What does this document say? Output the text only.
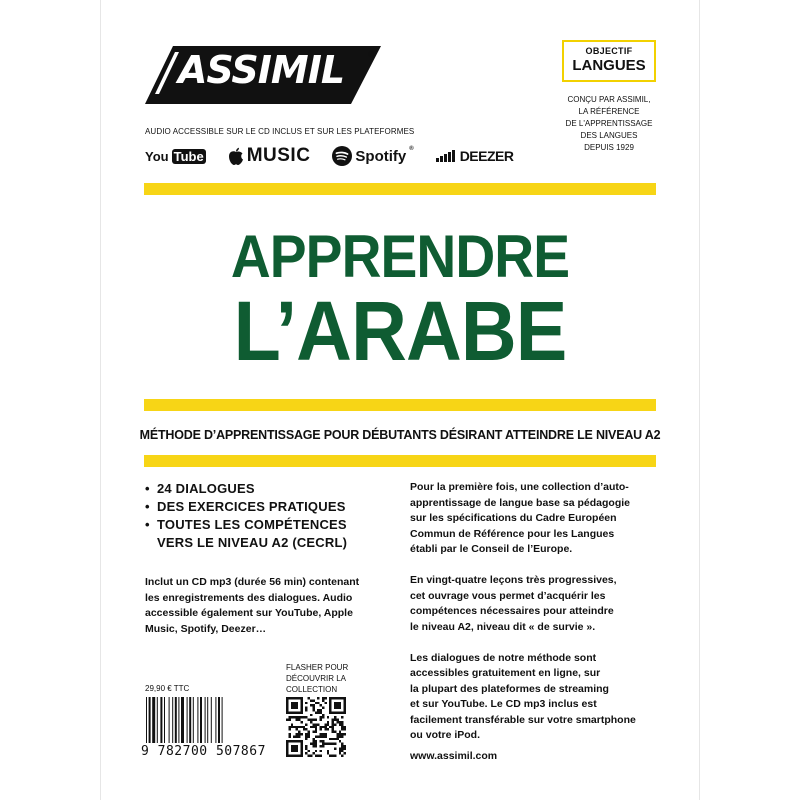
ASSIMIL	®
AUDIO ACCESSIBLE SUR LE CD INCLUS ET SUR LES PLATEFORMES
You Tube MUSIC	Spotify ®	DEEZER
OBJECTIF
LANGUES
CONÇU PAR ASSIMIL,
LA RÉFÉRENCE
DE L'APPRENTISSAGE
DES LANGUES
DEPUIS 1929
APPRENDRE
L’ARABE
MÉTHODE D’APPRENTISSAGE POUR DÉBUTANTS DÉSIRANT ATTEINDRE LE NIVEAU A2
• 24 DIALOGUES
• DES EXERCICES PRATIQUES
• TOUTES LES COMPÉTENCES
VERS LE NIVEAU A2 (CECRL)
Inclut un CD mp3 (durée 56 min) contenant
les enregistrements des dialogues. Audio
accessible également sur YouTube, Apple
Music, Spotify, Deezer…

Pour la première fois, une collection d’auto-
apprentissage de langue base sa pédagogie
sur les spécifications du Cadre Européen
Commun de Référence pour les Langues
établi par le Conseil de l’Europe.

En vingt-quatre leçons très progressives,
cet ouvrage vous permet d’acquérir les
compétences nécessaires pour atteindre
le niveau A2, niveau dit « de survie ».

Les dialogues de notre méthode sont
accessibles gratuitement en ligne, sur
la plupart des plateformes de streaming
et sur YouTube. Le CD mp3 inclus est
facilement transférable sur votre smartphone
ou votre iPod.

www.assimil.com
29,90 € TTC
9 782700 507867
FLASHER POUR
DÉCOUVRIR LA
COLLECTION
